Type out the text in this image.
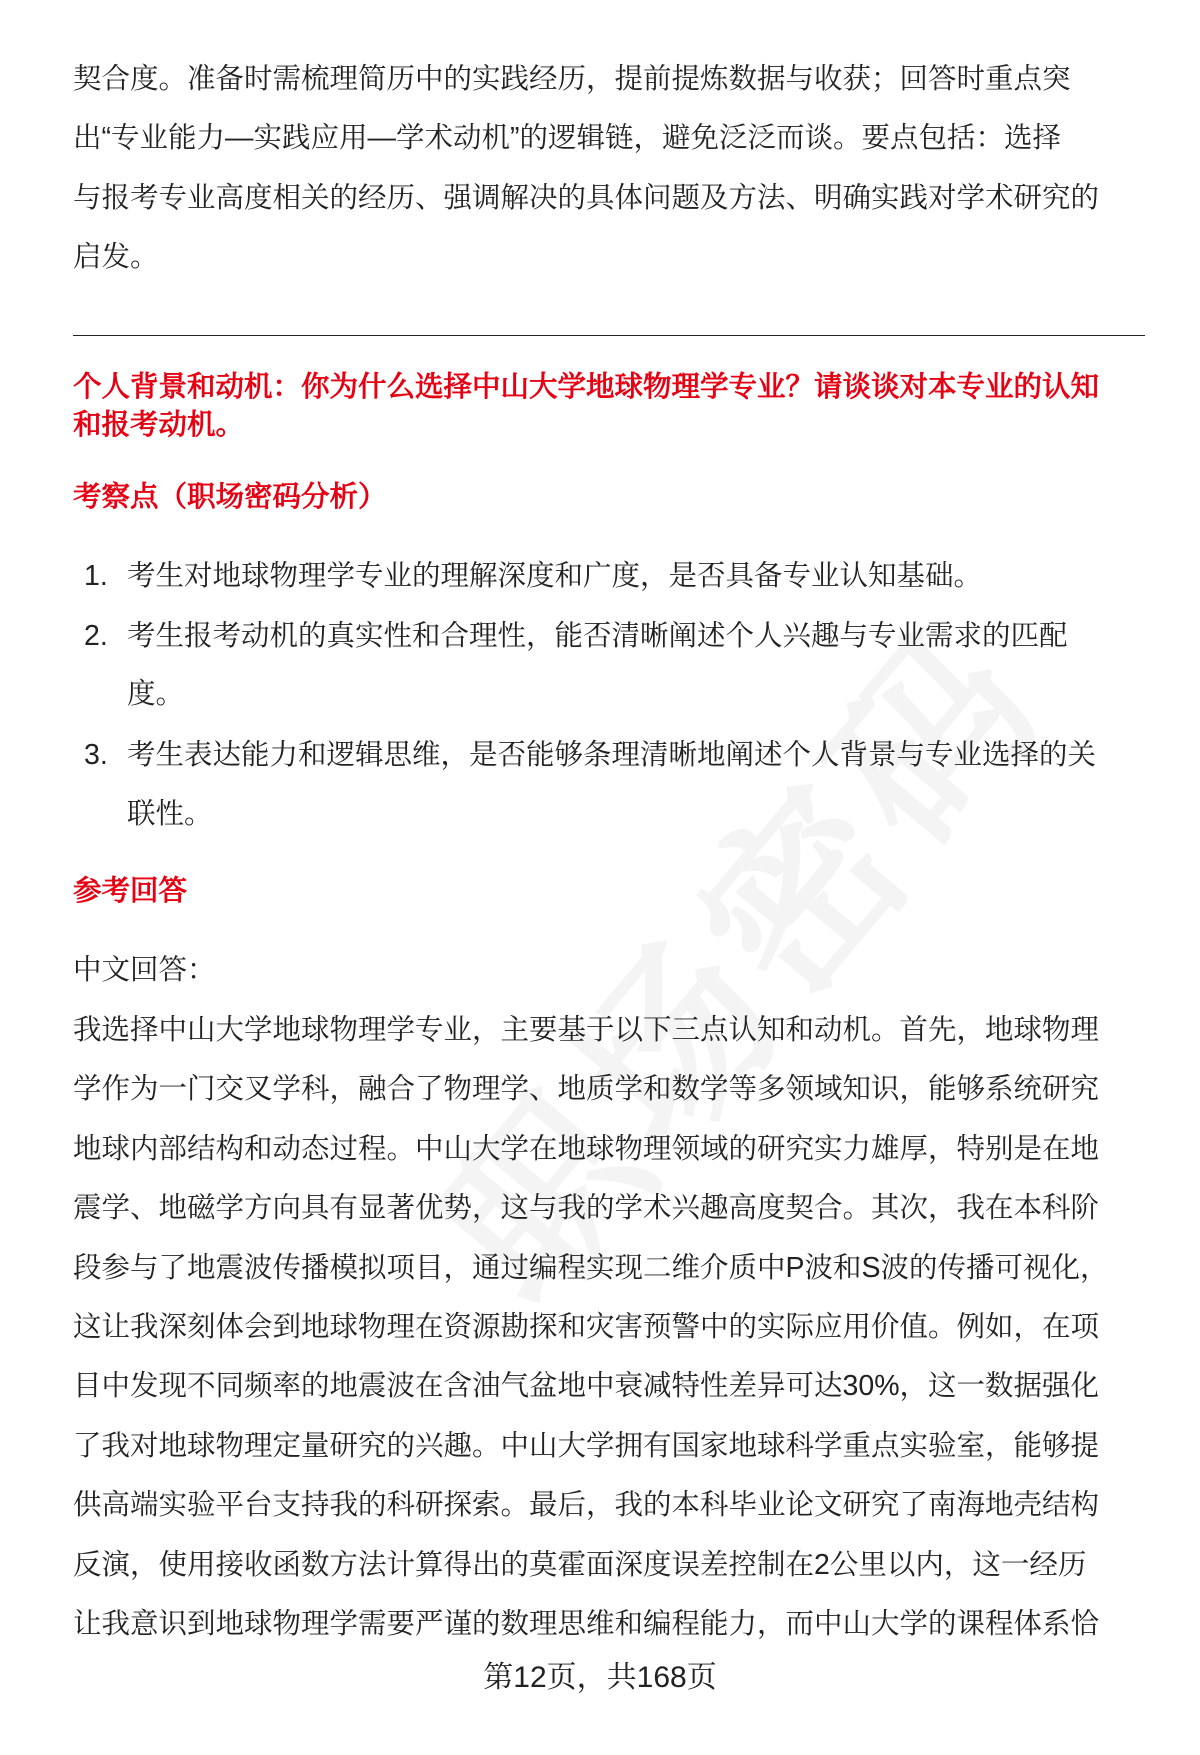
契合度。准备时需梳理简历中的实践经历，提前提炼数据与收获；回答时重点突
出“专业能力—实践应用—学术动机”的逻辑链，避免泛泛而谈。要点包括：选择
与报考专业高度相关的经历、强调解决的具体问题及方法、明确实践对学术研究的
启发。
个人背景和动机：你为什么选择中山大学地球物理学专业？请谈谈对本专业的认知
和报考动机。
考察点（职场密码分析）
1. 考生对地球物理学专业的理解深度和广度，是否具备专业认知基础。
2. 考生报考动机的真实性和合理性，能否清晰阐述个人兴趣与专业需求的匹配
度。
3. 考生表达能力和逻辑思维，是否能够条理清晰地阐述个人背景与专业选择的关
联性。
参考回答
中文回答：
我选择中山大学地球物理学专业，主要基于以下三点认知和动机。首先，地球物理
学作为一门交叉学科，融合了物理学、地质学和数学等多领域知识，能够系统研究
地球内部结构和动态过程。中山大学在地球物理领域的研究实力雄厚，特别是在地
震学、地磁学方向具有显著优势，这与我的学术兴趣高度契合。其次，我在本科阶
段参与了地震波传播模拟项目，通过编程实现二维介质中P波和S波的传播可视化，
这让我深刻体会到地球物理在资源勘探和灾害预警中的实际应用价值。例如，在项
目中发现不同频率的地震波在含油气盆地中衰减特性差异可达30%，这一数据强化
了我对地球物理定量研究的兴趣。中山大学拥有国家地球科学重点实验室，能够提
供高端实验平台支持我的科研探索。最后，我的本科毕业论文研究了南海地壳结构
反演，使用接收函数方法计算得出的莫霍面深度误差控制在2公里以内，这一经历
让我意识到地球物理学需要严谨的数理思维和编程能力，而中山大学的课程体系恰
第12页，共168页
